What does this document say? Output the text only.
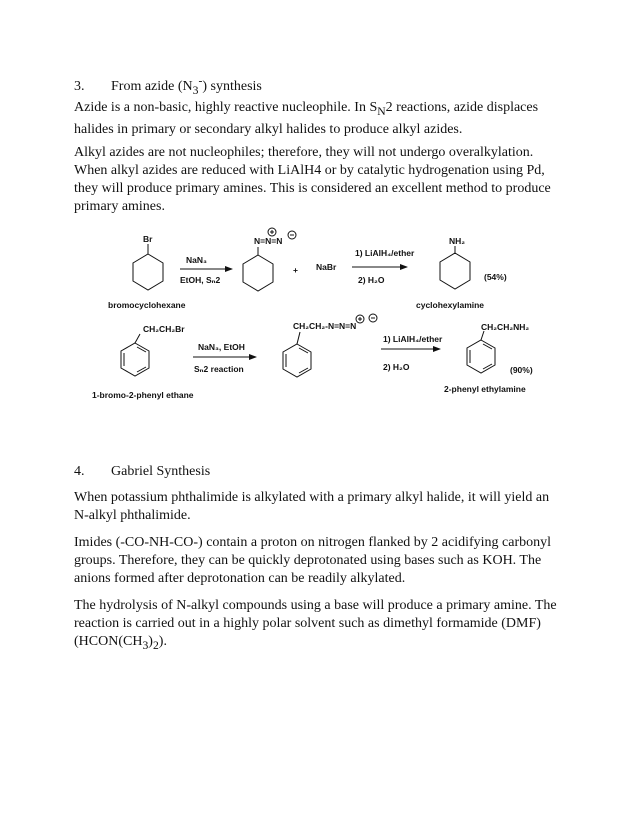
3. From azide $(N_3^-)$ synthesis
Azide is a non-basic, highly reactive nucleophile. In $S_N2$ reactions, azide displaces halides in primary or secondary alkyl halides to produce alkyl azides.
Alkyl azides are not nucleophiles; therefore, they will not undergo overalkylation. When alkyl azides are reduced with LiAlH4 or by catalytic hydrogenation using Pd, they will produce primary amines. This is considered an excellent method to produce primary amines.
Br
NaN₃
EtOH, Sₙ2
N=N=N
+ NaBr
1) LiAlH₄/ether
2) H₂O
NH₂
(54%)
bromocyclohexane	cyclohexylamine
CH₂CH₂Br
NaN₃, EtOH
Sₙ2 reaction
CH₂CH₂-N=N=N
1) LiAlH₄/ether
2) H₂O
CH₂CH₂NH₂
(90%)
1-bromo-2-phenyl ethane
2-phenyl ethylamine
4. Gabriel Synthesis
When potassium phthalimide is alkylated with a primary alkyl halide, it will yield an N-alkyl phthalimide.
Imides (-CO-NH-CO-) contain a proton on nitrogen flanked by 2 acidifying carbonyl groups. Therefore, they can be quickly deprotonated using bases such as KOH. The anions formed after deprotonation can be readily alkylated.
The hydrolysis of N-alkyl compounds using a base will produce a primary amine. The reaction is carried out in a highly polar solvent such as dimethyl formamide (DMF) $(HCON(CH_3)_2)$.
